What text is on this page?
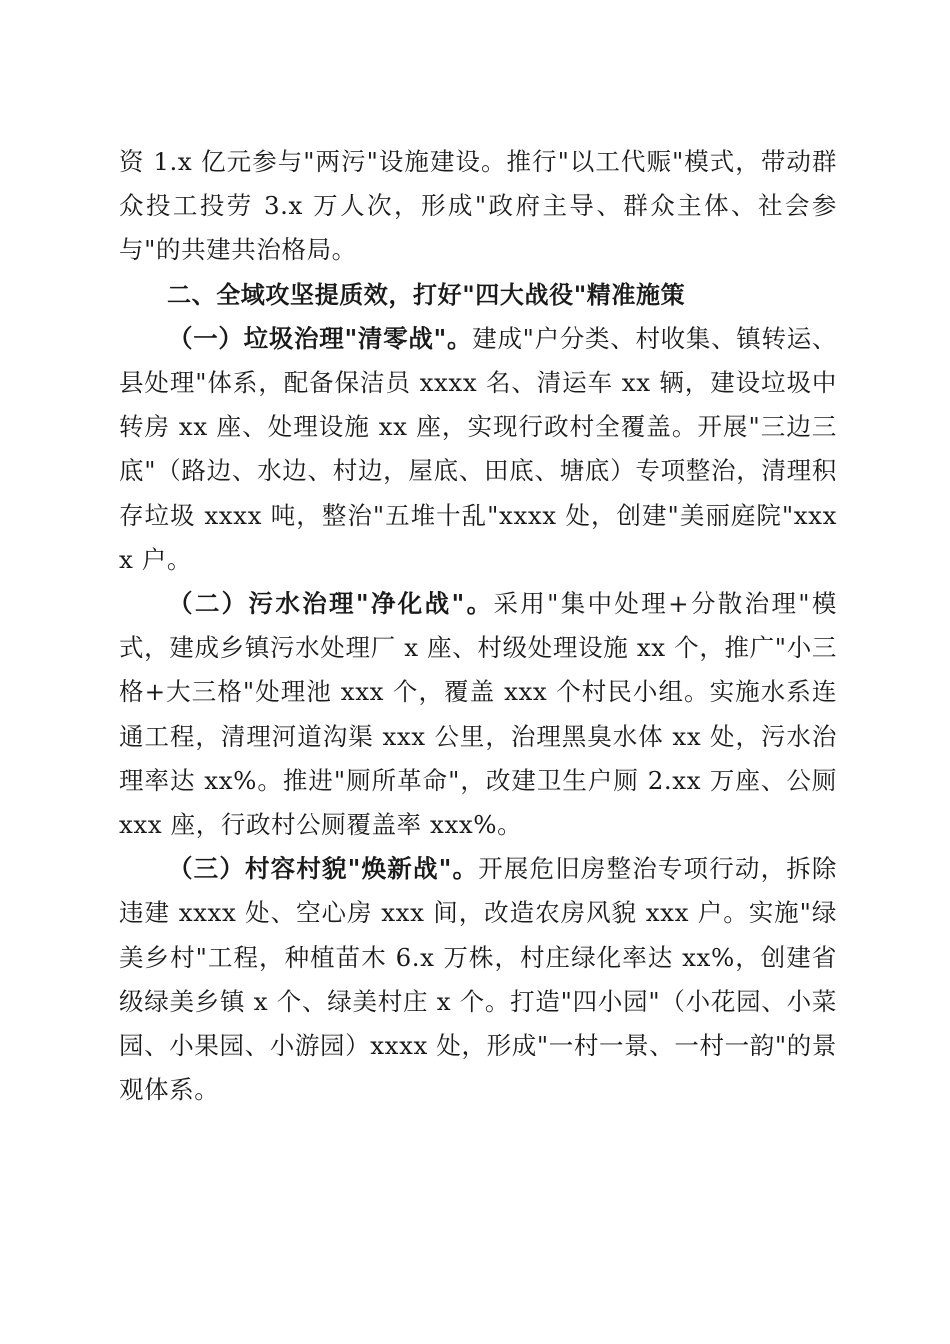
资 1.x 亿元参与"两污"设施建设。推行"以工代赈"模式，带动群众投工投劳 3.x 万人次，形成"政府主导、群众主体、社会参与"的共建共治格局。

二、全域攻坚提质效，打好"四大战役"精准施策

（一）垃圾治理"清零战"。建成"户分类、村收集、镇转运、县处理"体系，配备保洁员 xxxx 名、清运车 xx 辆，建设垃圾中转房 xx 座、处理设施 xx 座，实现行政村全覆盖。开展"三边三底"（路边、水边、村边，屋底、田底、塘底）专项整治，清理积存垃圾 xxxx 吨，整治"五堆十乱"xxxx 处，创建"美丽庭院"xxxx 户。

（二）污水治理"净化战"。采用"集中处理+分散治理"模式，建成乡镇污水处理厂 x 座、村级处理设施 xx 个，推广"小三格+大三格"处理池 xxx 个，覆盖 xxx 个村民小组。实施水系连通工程，清理河道沟渠 xxx 公里，治理黑臭水体 xx 处，污水治理率达 xx%。推进"厕所革命"，改建卫生户厕 2.xx 万座、公厕 xxx 座，行政村公厕覆盖率 xxx%。

（三）村容村貌"焕新战"。开展危旧房整治专项行动，拆除违建 xxxx 处、空心房 xxx 间，改造农房风貌 xxx 户。实施"绿美乡村"工程，种植苗木 6.x 万株，村庄绿化率达 xx%，创建省级绿美乡镇 x 个、绿美村庄 x 个。打造"四小园"（小花园、小菜园、小果园、小游园）xxxx 处，形成"一村一景、一村一韵"的景观体系。
